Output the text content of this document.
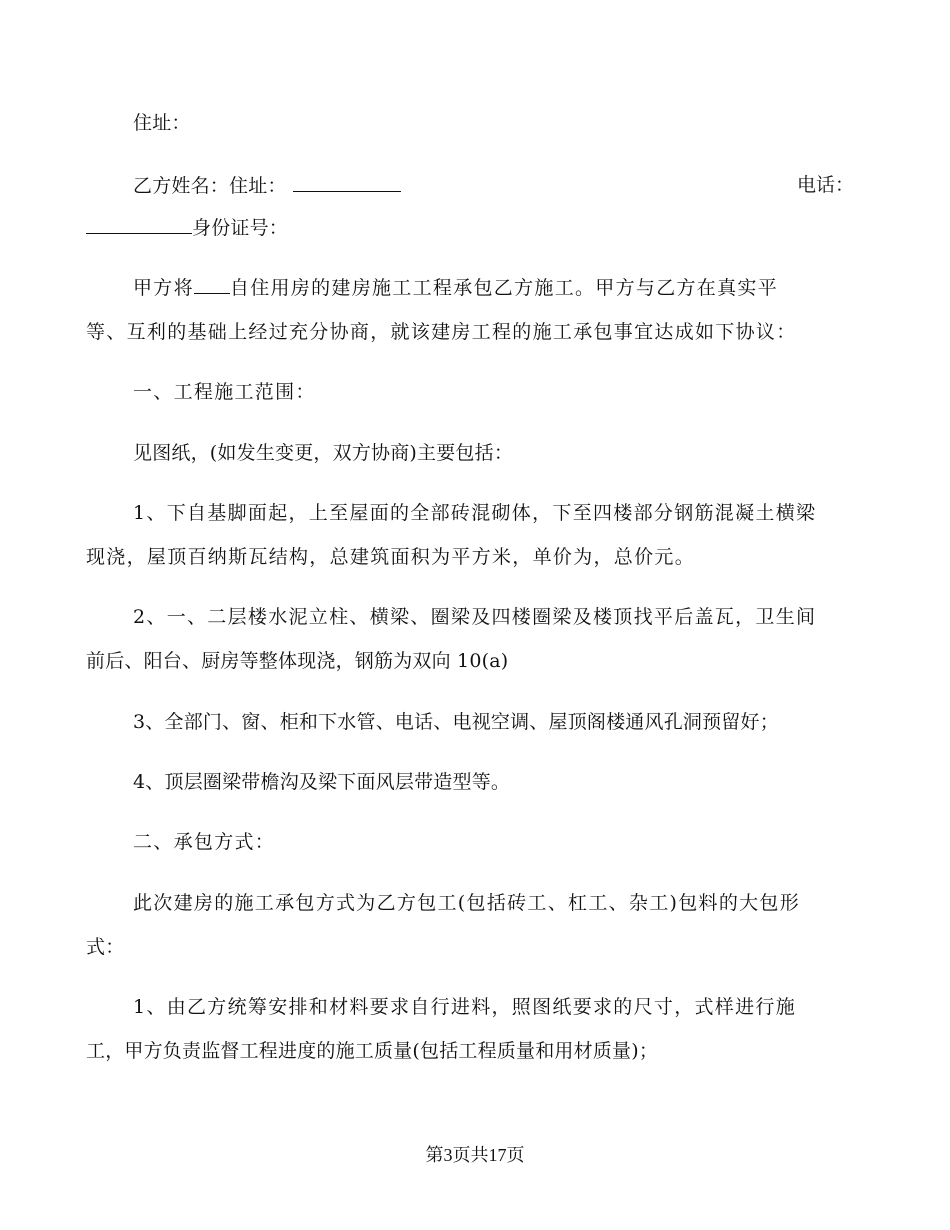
住址：
乙方姓名：住址：	电话：
身份证号：
甲方将 自住用房的建房施工工程承包乙方施工。甲方与乙方在真实平
等、互利的基础上经过充分协商，就该建房工程的施工承包事宜达成如下协议：
一、工程施工范围：
见图纸，(如发生变更，双方协商)主要包括：
1、下自基脚面起，上至屋面的全部砖混砌体，下至四楼部分钢筋混凝土横梁
现浇，屋顶百纳斯瓦结构，总建筑面积为平方米，单价为，总价元。
2、一、二层楼水泥立柱、横梁、圈梁及四楼圈梁及楼顶找平后盖瓦，卫生间
前后、阳台、厨房等整体现浇，钢筋为双向 10(a)
3、全部门、窗、柜和下水管、电话、电视空调、屋顶阁楼通风孔洞预留好；
4、顶层圈梁带檐沟及梁下面风层带造型等。
二、承包方式：
此次建房的施工承包方式为乙方包工(包括砖工、杠工、杂工)包料的大包形
式：
1、由乙方统筹安排和材料要求自行进料，照图纸要求的尺寸，式样进行施
工，甲方负责监督工程进度的施工质量(包括工程质量和用材质量)；
第3页共17页
